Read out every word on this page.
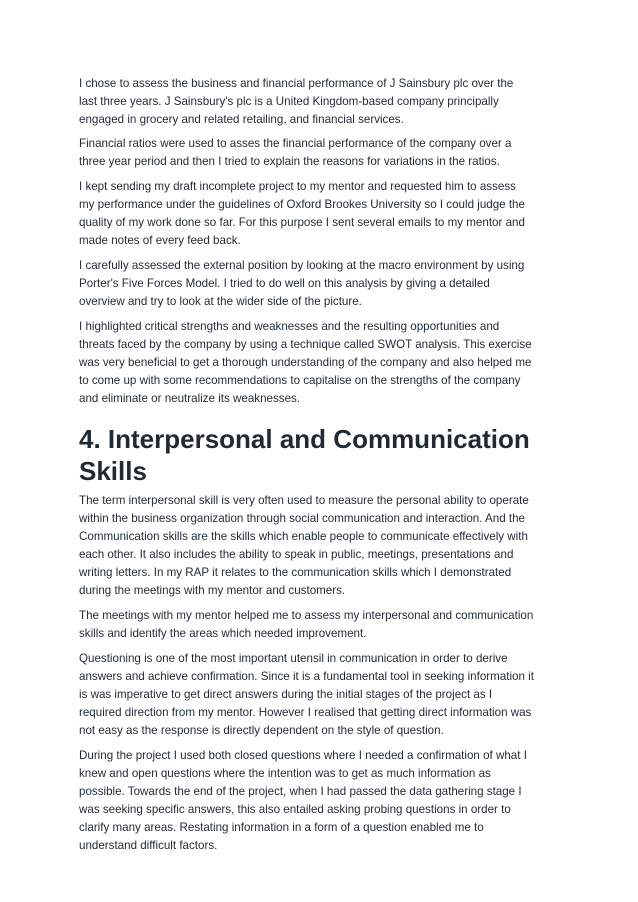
I chose to assess the business and financial performance of J Sainsbury plc over the
last three years. J Sainsbury's plc is a United Kingdom-based company principally
engaged in grocery and related retailing, and financial services.

Financial ratios were used to asses the financial performance of the company over a
three year period and then I tried to explain the reasons for variations in the ratios.

I kept sending my draft incomplete project to my mentor and requested him to assess
my performance under the guidelines of Oxford Brookes University so I could judge the
quality of my work done so far. For this purpose I sent several emails to my mentor and
made notes of every feed back.

I carefully assessed the external position by looking at the macro environment by using
Porter's Five Forces Model. I tried to do well on this analysis by giving a detailed
overview and try to look at the wider side of the picture.

I highlighted critical strengths and weaknesses and the resulting opportunities and
threats faced by the company by using a technique called SWOT analysis. This exercise
was very beneficial to get a thorough understanding of the company and also helped me
to come up with some recommendations to capitalise on the strengths of the company
and eliminate or neutralize its weaknesses.

4. Interpersonal and Communication
Skills

The term interpersonal skill is very often used to measure the personal ability to operate
within the business organization through social communication and interaction. And the
Communication skills are the skills which enable people to communicate effectively with
each other. It also includes the ability to speak in public, meetings, presentations and
writing letters. In my RAP it relates to the communication skills which I demonstrated
during the meetings with my mentor and customers.

The meetings with my mentor helped me to assess my interpersonal and communication
skills and identify the areas which needed improvement.

Questioning is one of the most important utensil in communication in order to derive
answers and achieve confirmation. Since it is a fundamental tool in seeking information it
is was imperative to get direct answers during the initial stages of the project as I
required direction from my mentor. However I realised that getting direct information was
not easy as the response is directly dependent on the style of question.

During the project I used both closed questions where I needed a confirmation of what I
knew and open questions where the intention was to get as much information as
possible. Towards the end of the project, when I had passed the data gathering stage I
was seeking specific answers, this also entailed asking probing questions in order to
clarify many areas. Restating information in a form of a question enabled me to
understand difficult factors.
